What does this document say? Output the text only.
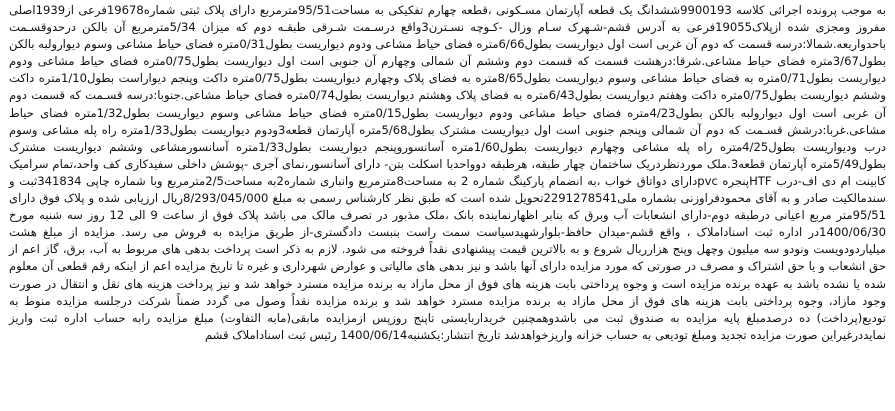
به موجب پرونده اجرائی کلاسه 9900193ششدانگ یک قطعه آپارتمان مسـکونی ،قطعه چهارم تفکیکی به مساحت95/51مترمربع دارای پلاک ثبتی شماره19678فرعی از1939اصلی مفروز ومجزی شده ازپلاک19055فرعی به آدرس قشم-شـهرک سـام وزال -کـوچه نسـترن3واقع درسـمت شـرقی طبقـه دوم که میزان 5/34مترمربع آن بالکن درحدوقسـمت باحدواربعه.شمالا:درسه قسمت که دوم آن غربی است اول دیواریست بطول6/66متره فضای حیاط مشاعی ودوم دیواریست بطول0/31متره فضای حیاط مشاعی وسوم دیوارولبه بالکن بطول3/67متره فضای حیاط مشاعی.شرقا:درهشت قسمت که قسمت دوم وششم آن شمالی وچهارم آن جنوبی است اول دیواریست بطول0/75متره فضای حیاط مشاعی ودوم دیواریست بطول0/71متره به فضای حیاط مشاعی وسوم دیواریست بطول8/65متره به فضای پلاک وچهارم دیواریست بطول0/75متره داکت وپنجم دیواراست بطول1/10متره داکت وششم دیواریست بطول0/75متره داکت وهفتم دیواریست بطول6/43متره به فضای پلاک وهشتم دیواریست بطول0/74متره فضای حیاط مشاعی.جنوبا:درسه قسـمت که قسمت دوم آن غربی است اول دیوارولبه بالکن بطول4/23متره فضای حیاط مشاعی ودوم دیواریست بطول0/15متره فضای حیاط مشاعی وسوم دیواریست بطول1/32متره فضای حیاط مشاعی.غربا:درشش قسـمت که دوم آن شمالی وپنجم جنوبی است اول دیواریست مشترک بطول5/68متره آپارتمان قطعه3ودوم دیواریست بطول1/33متره راه پله مشاعی وسوم درب ودیواریست بطول4/25متره راه پله مشاعی وچهارم دیواریست بطول1/60متره آسانسوروپنجم دیواریست بطول1/33متره آسانسورمشاعی وششم دیواریست مشترک بطول5/49متره آپارتمان قطعه3.ملک موردنظردریک ساختمان چهار طبقه، هرطبقه دوواحدبا اسکلت بتن- دارای آسانسور،نمای آجری -پوشش داخلی سفیدکاری کف واحد،تمام سرامیک کابینت ام دی اف-درب HTFپنجره pvcدارای دواتاق خواب ،به انضمام پارکینگ شماره 2 به مساحت8مترمربع وانباری شماره2به مساحت2/5مترمربع وبا شماره چاپی 341834ثبت و سندمالکیت صادر و به آقای محمودفراوزنی بشماره ملی2291278541تحویل شده است که طبق نظر کارشناس رسمی به مبلغ 8/293/045/000ریال ارزیابی شده و پلاک فوق دارای 95/51متر مربع اعیانی درطبقه دوم-دارای انشعابات آب وبرق که بنابر اظهارنماینده بانک ،ملک مذبور در تصرف مالک می باشد پلاک فوق از ساعت 9 الی 12 روز سه شنبه مورخ 1400/06/30در اداره ثبت اسناداملاک ، واقع قشم-میدان حافظ-بلوارشهیدسیاست سمت راست بنبست دادگستری-از طریق مزایده به فروش می رسد. مزایده از مبلغ هشت میلیاردودویست ونودو سه میلیون وچهل وپنج هزارریال شروع و به بالاترین قیمت پیشنهادی نقداً فروخته می شود. لازم به ذکر است پرداخت بدهی های مربوط به آب، برق، گاز اعم از حق انشعاب و یا حق اشتراک و مصرف در صورتی که مورد مزایده دارای آنها باشد و نیز بدهی های مالیاتی و عوارض شهرداری و غیره تا تاریخ مزایده اعم از اینکه رقم قطعی آن معلوم شده یا نشده باشد به عهده برنده مزایده است و وجوه پرداختی بابت هزینه های فوق از محل مازاد به برنده مزایده مسترد خواهد شد و نیز پرداخت هزینه های نقل و انتقال در صورت وجود مازاد، وجوه پرداختی بابت هزینه های فوق از محل مازاد به برنده مزایده مسترد خواهد شد و برنده مزایده نقداً وصول می گردد ضمناً شرکت درجلسه مزایده منوط به تودیع(پرداخت) ده درصدمبلغ پایه مزایده به صندوق ثبت می باشدوهمچنین خریداربایستی تاپنج روزپس ازمزایده مابقی(مابه التفاوت) مبلغ مزایده رابه حساب اداره ثبت واریز نمایددرغیراین صورت مزایده تجدید ومبلغ تودیعی به حساب خزانه واریزخواهدشد تاریخ انتشار:یکشنبه1400/06/14 رئیس ثبت اسناداملاک قشم
